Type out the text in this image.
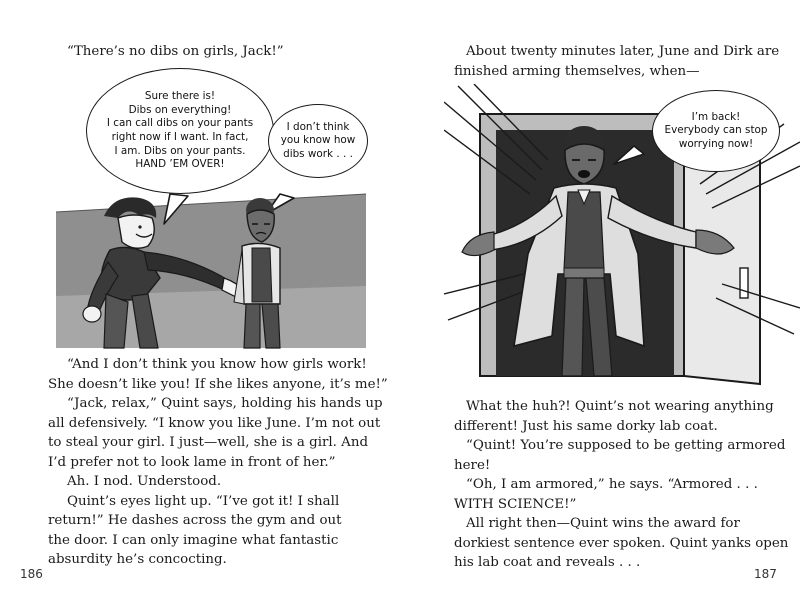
“There’s no dibs on girls, Jack!”

Sure there is!
Dibs on everything!
I can call dibs on your pants
right now if I want. In fact,
I am. Dibs on your pants.
HAND ’EM OVER!
I don’t think
you know how
dibs work . . .

“And I don’t think you know how girls work!

She doesn’t like you! If she likes anyone, it’s me!”

“Jack, relax,” Quint says, holding his hands up

all defensively. “I know you like June. I’m not out

to steal your girl. I just—well, she is a girl. And

I’d prefer not to look lame in front of her.”

Ah. I nod. Understood.

Quint’s eyes light up. “I’ve got it! I shall

return!” He dashes across the gym and out

the door. I can only imagine what fantastic

absurdity he’s concocting.

186

About twenty minutes later, June and Dirk are

finished arming themselves, when—

I’m back!
Everybody can stop
worrying now!

What the huh?! Quint’s not wearing anything

different! Just his same dorky lab coat.

“Quint! You’re supposed to be getting armored

here!

“Oh, I am armored,” he says. “Armored . . .

WITH SCIENCE!”

All right then—Quint wins the award for

dorkiest sentence ever spoken. Quint yanks open

his lab coat and reveals . . .

187
